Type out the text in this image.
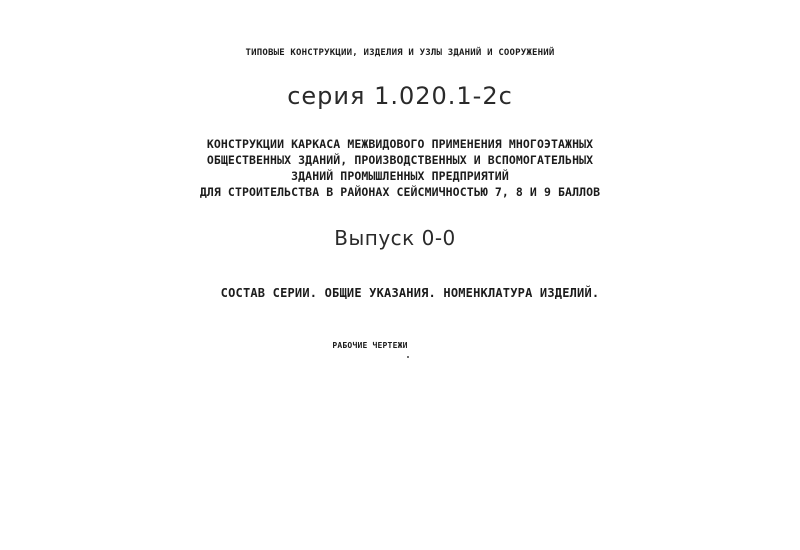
ТИПОВЫЕ КОНСТРУКЦИИ, ИЗДЕЛИЯ И УЗЛЫ ЗДАНИЙ И СООРУЖЕНИЙ
серия 1.020.1-2с
КОНСТРУКЦИИ КАРКАСА МЕЖВИДОВОГО ПРИМЕНЕНИЯ МНОГОЭТАЖНЫХ
ОБЩЕСТВЕННЫХ ЗДАНИЙ, ПРОИЗВОДСТВЕННЫХ И ВСПОМОГАТЕЛЬНЫХ
ЗДАНИЙ ПРОМЫШЛЕННЫХ ПРЕДПРИЯТИЙ
ДЛЯ СТРОИТЕЛЬСТВА В РАЙОНАХ СЕЙСМИЧНОСТЬЮ 7, 8 И 9 БАЛЛОВ
Выпуск 0-0
СОСТАВ СЕРИИ. ОБЩИЕ УКАЗАНИЯ. НОМЕНКЛАТУРА ИЗДЕЛИЙ.
РАБОЧИЕ ЧЕРТЕЖИ
